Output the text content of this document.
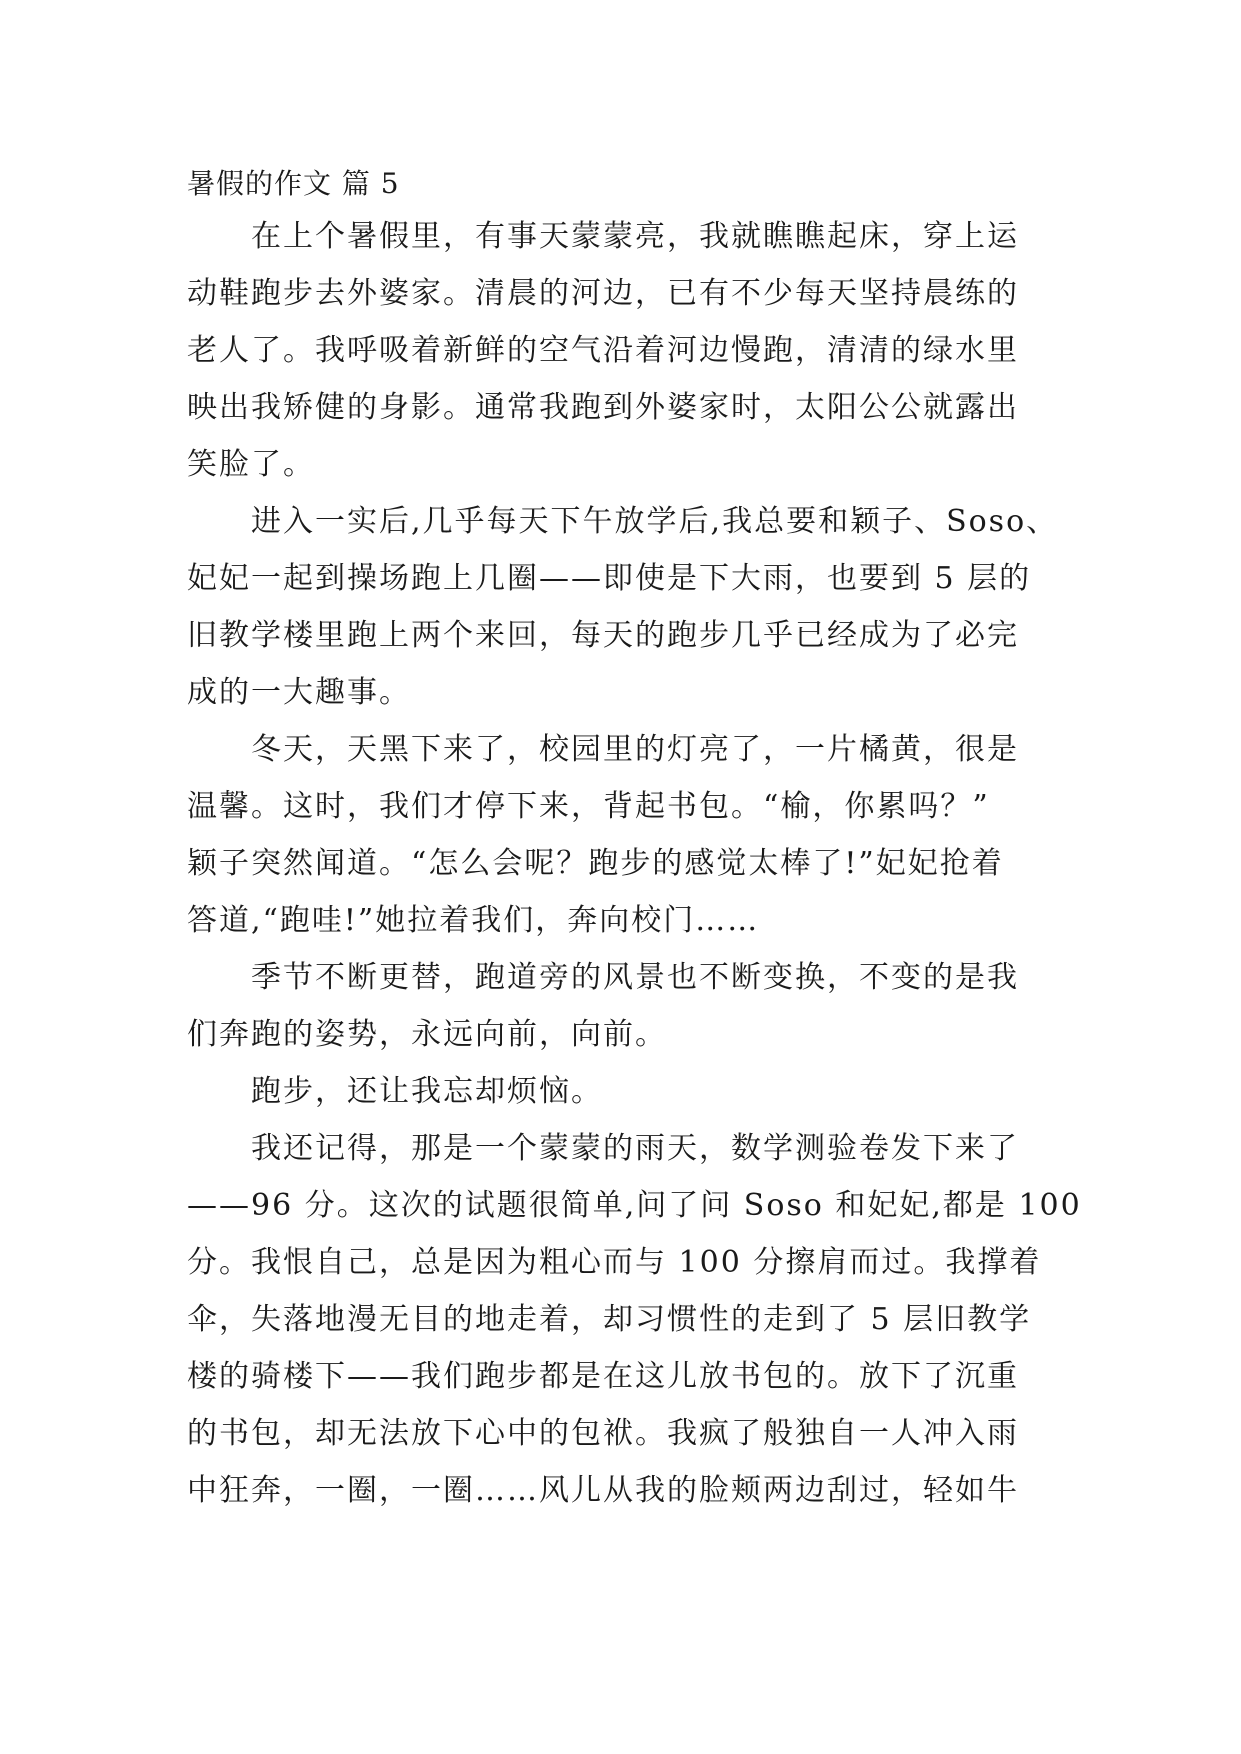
暑假的作文 篇 5

在上个暑假里，有事天蒙蒙亮，我就瞧瞧起床，穿上运
动鞋跑步去外婆家。清晨的河边，已有不少每天坚持晨练的
老人了。我呼吸着新鲜的空气沿着河边慢跑，清清的绿水里
映出我矫健的身影。通常我跑到外婆家时，太阳公公就露出
笑脸了。

进入一实后,几乎每天下午放学后,我总要和颖子、Soso、
妃妃一起到操场跑上几圈——即使是下大雨，也要到 5 层的
旧教学楼里跑上两个来回，每天的跑步几乎已经成为了必完
成的一大趣事。

冬天，天黑下来了，校园里的灯亮了，一片橘黄，很是
温馨。这时，我们才停下来，背起书包。“榆，你累吗？”
颖子突然闻道。“怎么会呢？跑步的感觉太棒了!”妃妃抢着
答道,“跑哇!”她拉着我们，奔向校门……

季节不断更替，跑道旁的风景也不断变换，不变的是我
们奔跑的姿势，永远向前，向前。

跑步，还让我忘却烦恼。

我还记得，那是一个蒙蒙的雨天，数学测验卷发下来了
——96 分。这次的试题很简单,问了问 Soso 和妃妃,都是 100
分。我恨自己，总是因为粗心而与 100 分擦肩而过。我撑着
伞，失落地漫无目的地走着，却习惯性的走到了 5 层旧教学
楼的骑楼下——我们跑步都是在这儿放书包的。放下了沉重
的书包，却无法放下心中的包袱。我疯了般独自一人冲入雨
中狂奔，一圈，一圈……风儿从我的脸颊两边刮过，轻如牛
